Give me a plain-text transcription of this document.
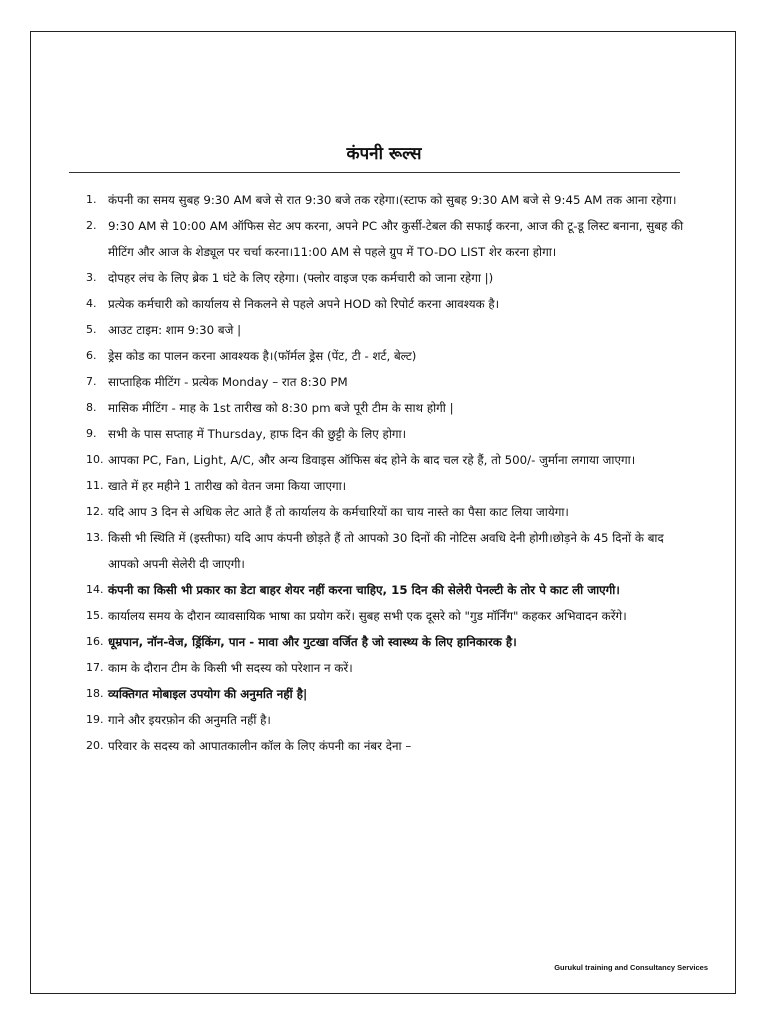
कंपनी रूल्स
1. कंपनी का समय सुबह 9:30 AM बजे से रात 9:30 बजे तक रहेगा।(स्टाफ को सुबह 9:30 AM बजे से 9:45 AM तक आना रहेगा।
2. 9:30 AM से 10:00 AM ऑफिस सेट अप करना, अपने PC और कुर्सी-टेबल की सफाई करना, आज की टू-डू लिस्ट बनाना, सुबह की मीटिंग और आज के शेड्यूल पर चर्चा करना।11:00 AM से पहले ग्रुप में TO-DO LIST शेर करना होगा।
3. दोपहर लंच के लिए ब्रेक 1 घंटे के लिए रहेगा। (फ्लोर वाइज एक कर्मचारी को जाना रहेगा |)
4. प्रत्येक कर्मचारी को कार्यालय से निकलने से पहले अपने HOD को रिपोर्ट करना आवश्यक है।
5. आउट टाइम: शाम 9:30 बजे |
6. ड्रेस कोड का पालन करना आवश्यक है।(फॉर्मल ड्रेस (पेंट, टी - शर्ट, बेल्ट)
7. साप्ताहिक मीटिंग - प्रत्येक Monday – रात 8:30 PM
8. मासिक मीटिंग - माह के 1st तारीख को 8:30 pm बजे पूरी टीम के साथ होगी |
9. सभी के पास सप्ताह में Thursday, हाफ दिन की छुट्टी के लिए होगा।
10. आपका PC, Fan, Light, A/C, और अन्य डिवाइस ऑफिस बंद होने के बाद चल रहे हैं, तो 500/- जुर्माना लगाया जाएगा।
11. खाते में हर महीने 1 तारीख को वेतन जमा किया जाएगा।
12. यदि आप 3 दिन से अधिक लेट आते हैं तो कार्यालय के कर्मचारियों का चाय नास्ते का पैसा काट लिया जायेगा।
13. किसी भी स्थिति में (इस्तीफा) यदि आप कंपनी छोड़ते हैं तो आपको 30 दिनों की नोटिस अवधि देनी होगी।छोड़ने के 45 दिनों के बाद आपको अपनी सेलेरी दी जाएगी।
14. कंपनी का किसी भी प्रकार का डेटा बाहर शेयर नहीं करना चाहिए, 15 दिन की सेलेरी पेनल्टी के तोर पे काट ली जाएगी।
15. कार्यालय समय के दौरान व्यावसायिक भाषा का प्रयोग करें। सुबह सभी एक दूसरे को "गुड मॉर्निंग" कहकर अभिवादन करेंगे।
16. धूम्रपान, नॉन-वेज, ड्रिंकिंग, पान - मावा और गुटखा वर्जित है जो स्वास्थ्य के लिए हानिकारक है।
17. काम के दौरान टीम के किसी भी सदस्य को परेशान न करें।
18. व्यक्तिगत मोबाइल उपयोग की अनुमति नहीं है|
19. गाने और इयरफ़ोन की अनुमति नहीं है।
20. परिवार के सदस्य को आपातकालीन कॉल के लिए कंपनी का नंबर देना –
Gurukul training and Consultancy Services
